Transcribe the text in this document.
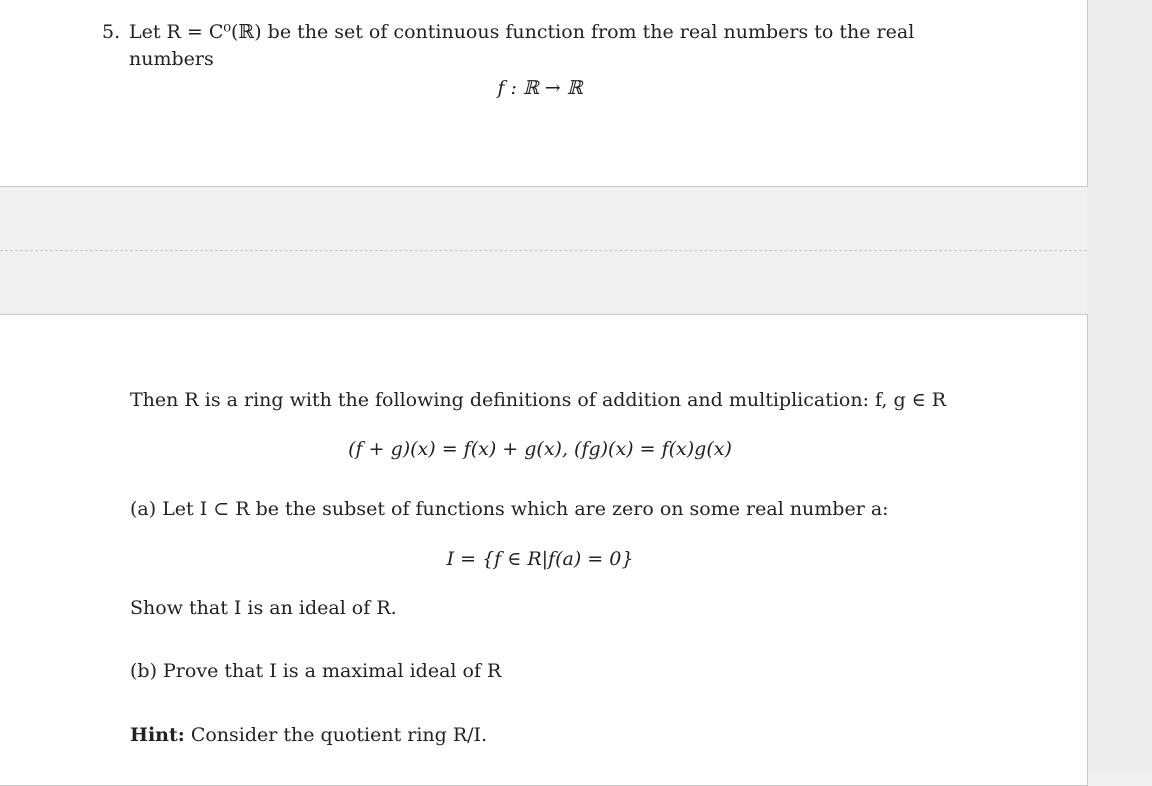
5. Let R = C⁰(ℝ) be the set of continuous function from the real numbers to the real
numbers
f : ℝ → ℝ
Then R is a ring with the following definitions of addition and multiplication: f, g ∈ R
(f + g)(x) = f(x) + g(x), (fg)(x) = f(x)g(x)
(a) Let I ⊂ R be the subset of functions which are zero on some real number a:
I = {f ∈ R|f(a) = 0}
Show that I is an ideal of R.
(b) Prove that I is a maximal ideal of R
Hint: Consider the quotient ring R/I.
